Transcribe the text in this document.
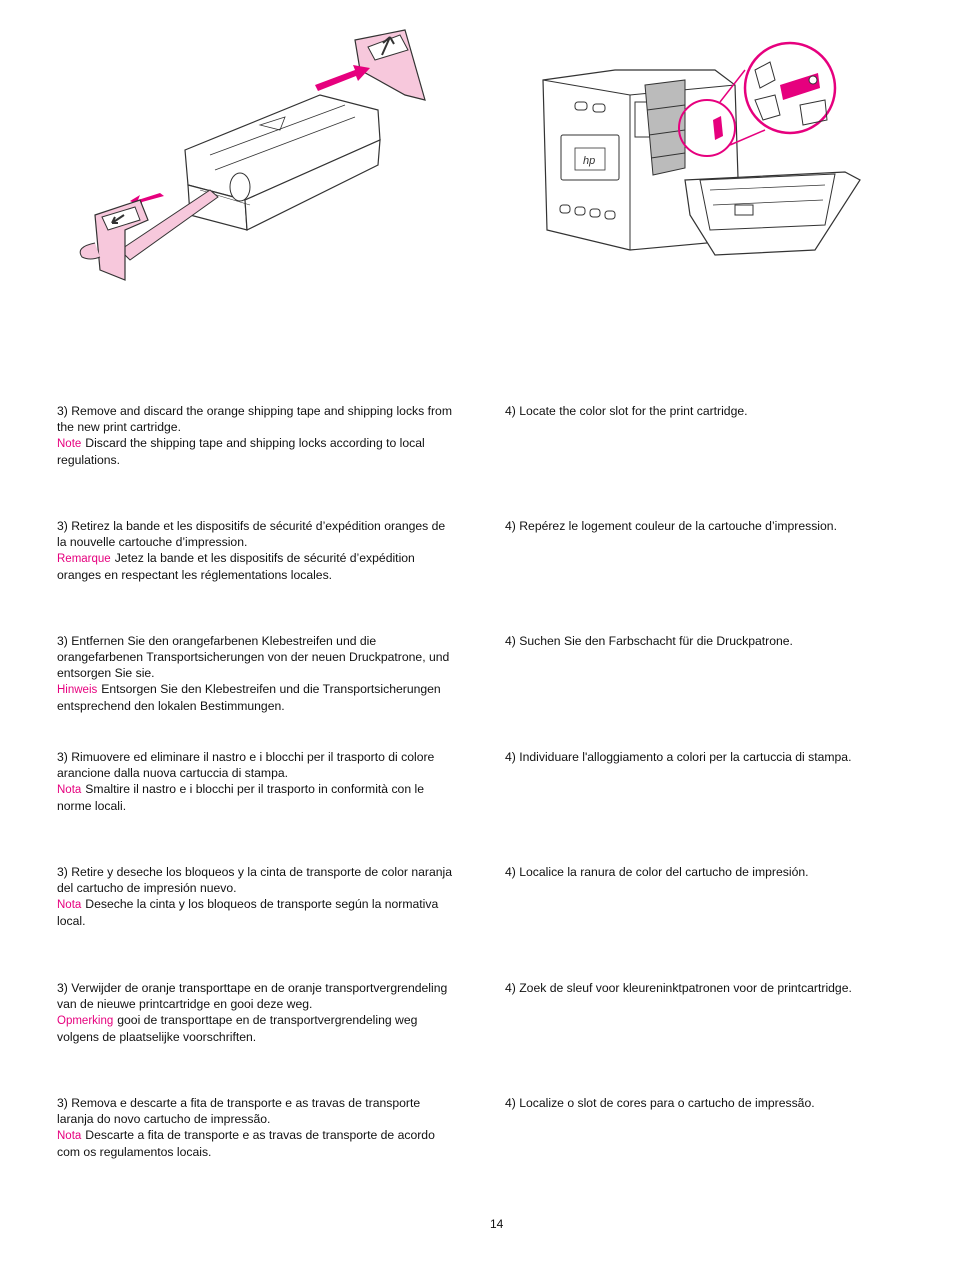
hp
3) Remove and discard the orange shipping tape and shipping locks from the new print cartridge.
Note Discard the shipping tape and shipping locks according to local regulations.
4) Locate the color slot for the print cartridge.
3) Retirez la bande et les dispositifs de sécurité d’expédition oranges de la nouvelle cartouche d’impression.
Remarque Jetez la bande et les dispositifs de sécurité d’expédition oranges en respectant les réglementations locales.
4) Repérez le logement couleur de la cartouche d’impression.
3) Entfernen Sie den orangefarbenen Klebestreifen und die orangefarbenen Transportsicherungen von der neuen Druckpatrone, und entsorgen Sie sie.
Hinweis Entsorgen Sie den Klebestreifen und die Transportsicherungen entsprechend den lokalen Bestimmungen.
4) Suchen Sie den Farbschacht für die Druckpatrone.
3) Rimuovere ed eliminare il nastro e i blocchi per il trasporto di colore arancione dalla nuova cartuccia di stampa.
Nota Smaltire il nastro e i blocchi per il trasporto in conformità con le norme locali.
4) Individuare l'alloggiamento a colori per la cartuccia di stampa.
3) Retire y deseche los bloqueos y la cinta de transporte de color naranja del cartucho de impresión nuevo.
Nota Deseche la cinta y los bloqueos de transporte según la normativa local.
4) Localice la ranura de color del cartucho de impresión.
3) Verwijder de oranje transporttape en de oranje transportvergrendeling van de nieuwe printcartridge en gooi deze weg.
Opmerking gooi de transporttape en de transportvergrendeling weg volgens de plaatselijke voorschriften.
4) Zoek de sleuf voor kleureninktpatronen voor de printcartridge.
3) Remova e descarte a fita de transporte e as travas de transporte laranja do novo cartucho de impressão.
Nota Descarte a fita de transporte e as travas de transporte de acordo com os regulamentos locais.
4) Localize o slot de cores para o cartucho de impressão.
14
